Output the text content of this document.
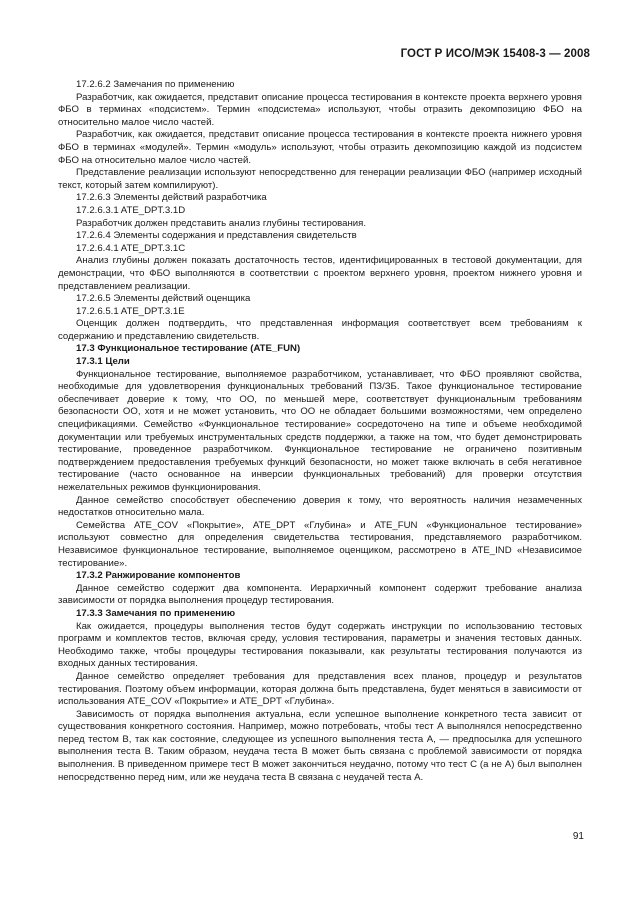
ГОСТ Р ИСО/МЭК 15408-3 — 2008

17.2.6.2 Замечания по применению

Разработчик, как ожидается, представит описание процесса тестирования в контексте проекта верхнего уровня ФБО в терминах «подсистем». Термин «подсистема» используют, чтобы отразить декомпозицию ФБО на относительно малое число частей.

Разработчик, как ожидается, представит описание процесса тестирования в контексте проекта нижнего уровня ФБО в терминах «модулей». Термин «модуль» используют, чтобы отразить декомпозицию каждой из подсистем ФБО на относительно малое число частей.

Представление реализации используют непосредственно для генерации реализации ФБО (например исходный текст, который затем компилируют).

17.2.6.3 Элементы действий разработчика

17.2.6.3.1 ATE_DPT.3.1D

Разработчик должен представить анализ глубины тестирования.

17.2.6.4 Элементы содержания и представления свидетельств

17.2.6.4.1 ATE_DPT.3.1C

Анализ глубины должен показать достаточность тестов, идентифицированных в тестовой документации, для демонстрации, что ФБО выполняются в соответствии с проектом верхнего уровня, проектом нижнего уровня и представлением реализации.

17.2.6.5 Элементы действий оценщика

17.2.6.5.1 ATE_DPT.3.1E

Оценщик должен подтвердить, что представленная информация соответствует всем требованиям к содержанию и представлению свидетельств.

17.3 Функциональное тестирование (ATE_FUN)

17.3.1 Цели

Функциональное тестирование, выполняемое разработчиком, устанавливает, что ФБО проявляют свойства, необходимые для удовлетворения функциональных требований ПЗ/ЗБ. Такое функциональное тестирование обеспечивает доверие к тому, что ОО, по меньшей мере, соответствует функциональным требованиям безопасности ОО, хотя и не может установить, что ОО не обладает большими возможностями, чем определено спецификациями. Семейство «Функциональное тестирование» сосредоточено на типе и объеме необходимой документации или требуемых инструментальных средств поддержки, а также на том, что будет демонстрировать тестирование, проведенное разработчиком. Функциональное тестирование не ограничено позитивным подтверждением предоставления требуемых функций безопасности, но может также включать в себя негативное тестирование (часто основанное на инверсии функциональных требований) для проверки отсутствия нежелательных режимов функционирования.

Данное семейство способствует обеспечению доверия к тому, что вероятность наличия незамеченных недостатков относительно мала.

Семейства ATE_COV «Покрытие», ATE_DPT «Глубина» и ATE_FUN «Функциональное тестирование» используют совместно для определения свидетельства тестирования, представляемого разработчиком. Независимое функциональное тестирование, выполняемое оценщиком, рассмотрено в ATE_IND «Независимое тестирование».

17.3.2 Ранжирование компонентов

Данное семейство содержит два компонента. Иерархичный компонент содержит требование анализа зависимости от порядка выполнения процедур тестирования.

17.3.3 Замечания по применению

Как ожидается, процедуры выполнения тестов будут содержать инструкции по использованию тестовых программ и комплектов тестов, включая среду, условия тестирования, параметры и значения тестовых данных. Необходимо также, чтобы процедуры тестирования показывали, как результаты тестирования получаются из входных данных тестирования.

Данное семейство определяет требования для представления всех планов, процедур и результатов тестирования. Поэтому объем информации, которая должна быть представлена, будет меняться в зависимости от использования ATE_COV «Покрытие» и ATE_DPT «Глубина».

Зависимость от порядка выполнения актуальна, если успешное выполнение конкретного теста зависит от существования конкретного состояния. Например, можно потребовать, чтобы тест А выполнялся непосредственно перед тестом В, так как состояние, следующее из успешного выполнения теста А, — предпосылка для успешного выполнения теста В. Таким образом, неудача теста В может быть связана с проблемой зависимости от порядка выполнения. В приведенном примере тест В может закончиться неудачно, потому что тест С (а не А) был выполнен непосредственно перед ним, или же неудача теста В связана с неудачей теста А.

91
